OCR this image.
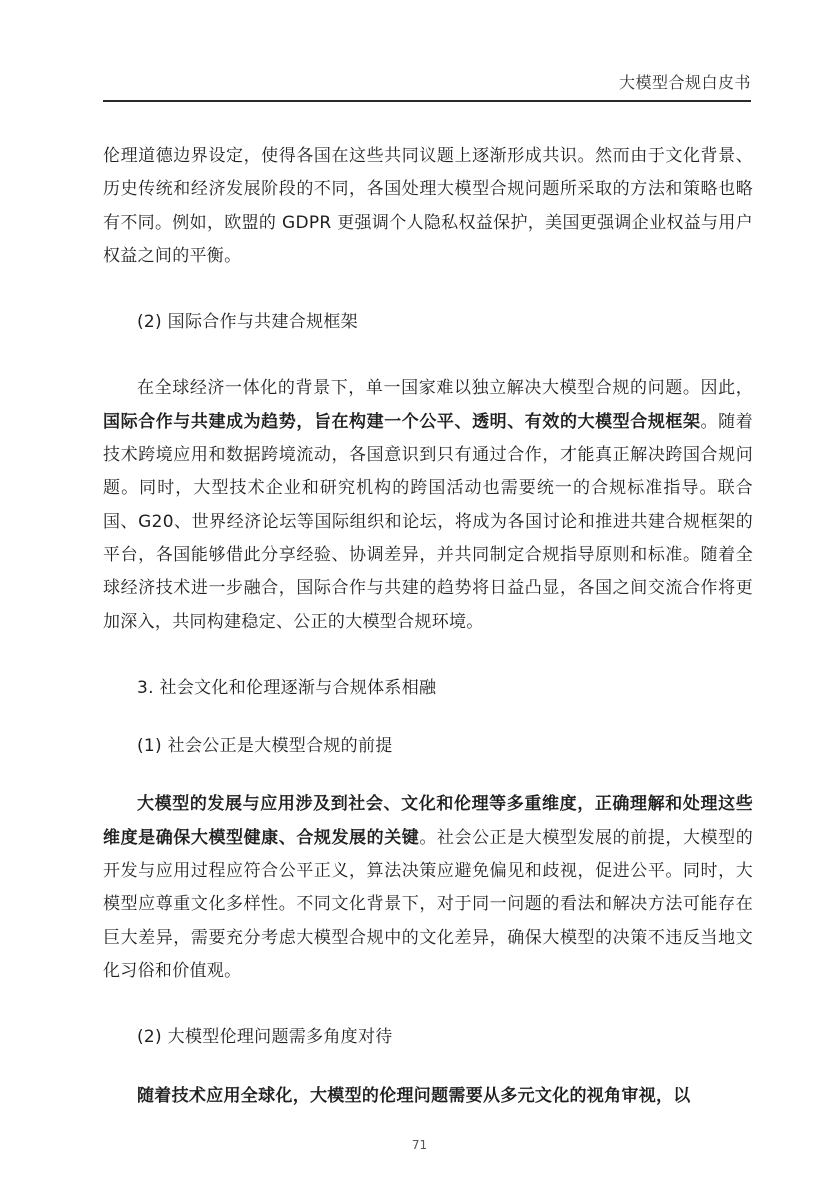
大模型合规白皮书

伦理道德边界设定，使得各国在这些共同议题上逐渐形成共识。然而由于文化背景、历史传统和经济发展阶段的不同，各国处理大模型合规问题所采取的方法和策略也略有不同。例如，欧盟的 GDPR 更强调个人隐私权益保护，美国更强调企业权益与用户权益之间的平衡。

(2) 国际合作与共建合规框架

在全球经济一体化的背景下，单一国家难以独立解决大模型合规的问题。因此，国际合作与共建成为趋势，旨在构建一个公平、透明、有效的大模型合规框架。随着技术跨境应用和数据跨境流动，各国意识到只有通过合作，才能真正解决跨国合规问题。同时，大型技术企业和研究机构的跨国活动也需要统一的合规标准指导。联合国、G20、世界经济论坛等国际组织和论坛，将成为各国讨论和推进共建合规框架的平台，各国能够借此分享经验、协调差异，并共同制定合规指导原则和标准。随着全球经济技术进一步融合，国际合作与共建的趋势将日益凸显，各国之间交流合作将更加深入，共同构建稳定、公正的大模型合规环境。

3. 社会文化和伦理逐渐与合规体系相融

(1) 社会公正是大模型合规的前提

大模型的发展与应用涉及到社会、文化和伦理等多重维度，正确理解和处理这些维度是确保大模型健康、合规发展的关键。社会公正是大模型发展的前提，大模型的开发与应用过程应符合公平正义，算法决策应避免偏见和歧视，促进公平。同时，大模型应尊重文化多样性。不同文化背景下，对于同一问题的看法和解决方法可能存在巨大差异，需要充分考虑大模型合规中的文化差异，确保大模型的决策不违反当地文化习俗和价值观。

(2) 大模型伦理问题需多角度对待

随着技术应用全球化，大模型的伦理问题需要从多元文化的视角审视，以

71
